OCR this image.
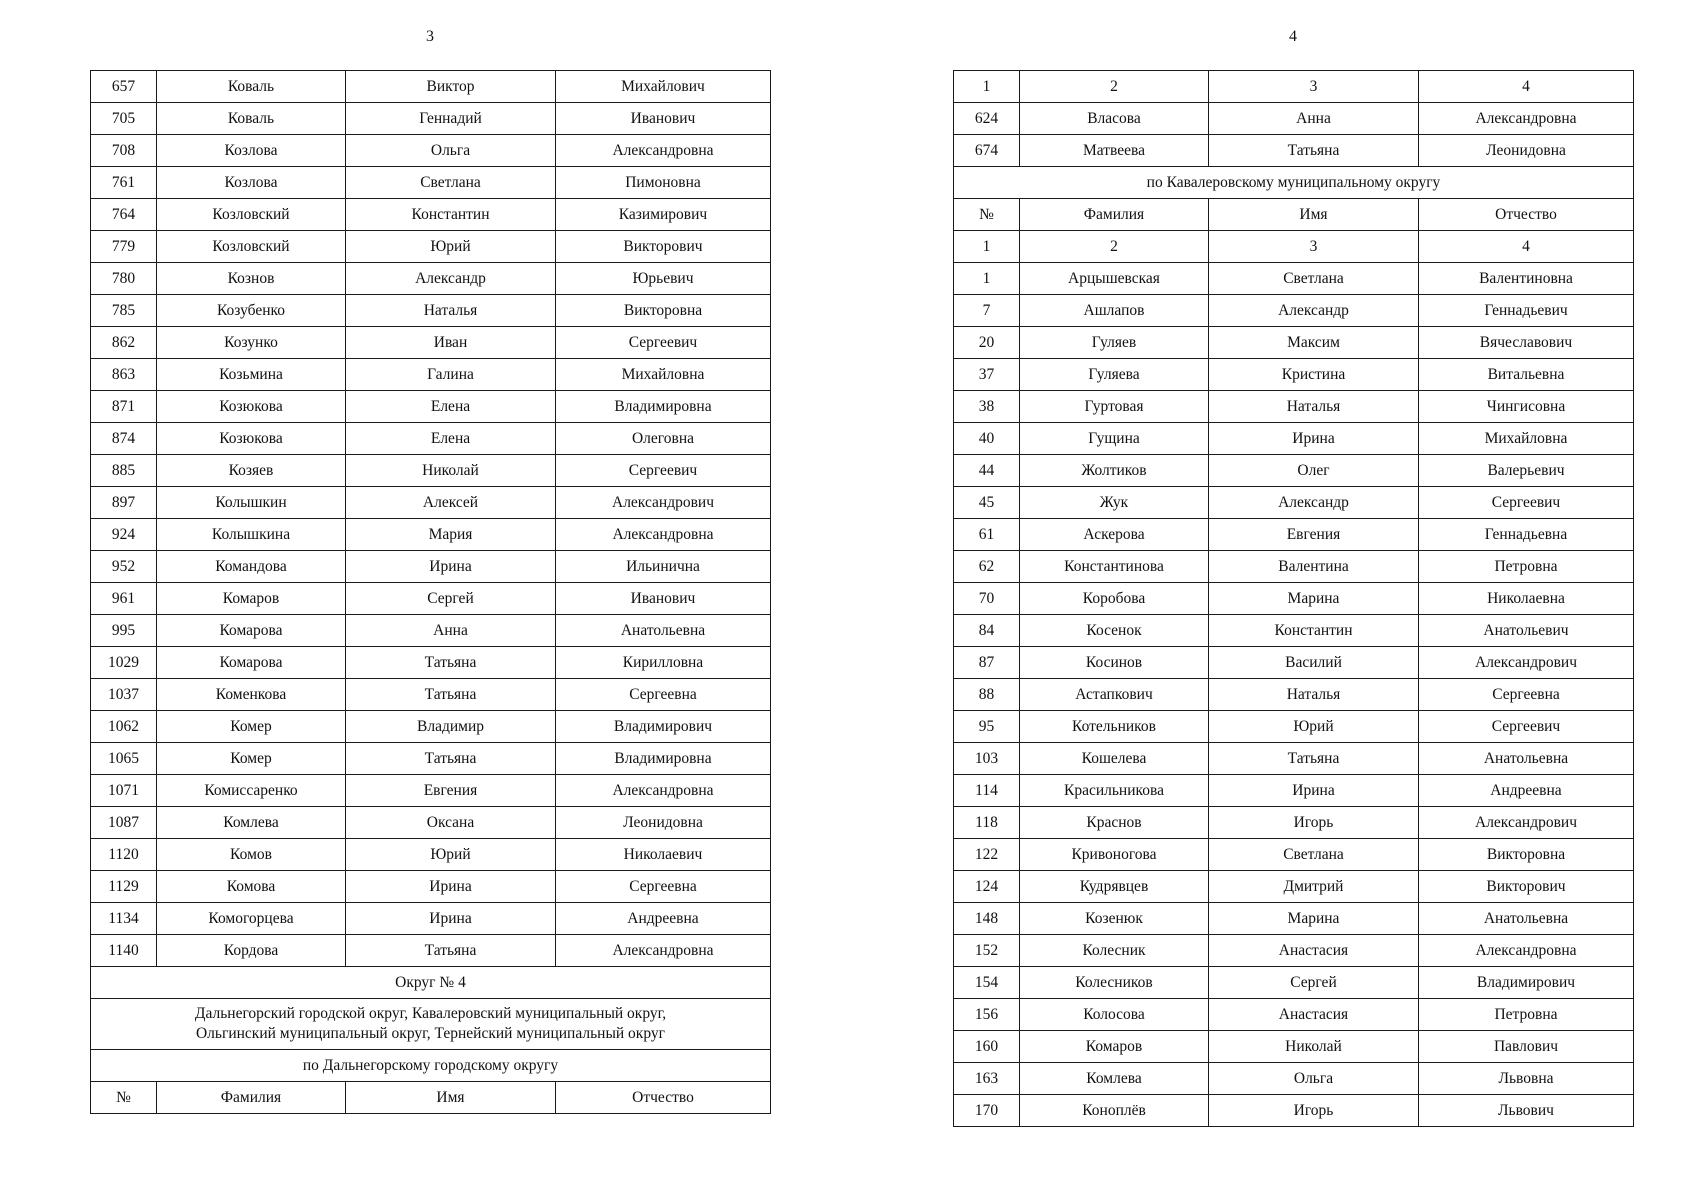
3
657	Коваль	Виктор	Михайлович
705	Коваль	Геннадий	Иванович
708	Козлова	Ольга	Александровна
761	Козлова	Светлана	Пимоновна
764	Козловский	Константин	Казимирович
779	Козловский	Юрий	Викторович
780	Кознов	Александр	Юрьевич
785	Козубенко	Наталья	Викторовна
862	Козунко	Иван	Сергеевич
863	Козьмина	Галина	Михайловна
871	Козюкова	Елена	Владимировна
874	Козюкова	Елена	Олеговна
885	Козяев	Николай	Сергеевич
897	Колышкин	Алексей	Александрович
924	Колышкина	Мария	Александровна
952	Командова	Ирина	Ильинична
961	Комаров	Сергей	Иванович
995	Комарова	Анна	Анатольевна
1029	Комарова	Татьяна	Кирилловна
1037	Коменкова	Татьяна	Сергеевна
1062	Комер	Владимир	Владимирович
1065	Комер	Татьяна	Владимировна
1071	Комиссаренко	Евгения	Александровна
1087	Комлева	Оксана	Леонидовна
1120	Комов	Юрий	Николаевич
1129	Комова	Ирина	Сергеевна
1134	Комогорцева	Ирина	Андреевна
1140	Кордова	Татьяна	Александровна
Округ № 4			
Дальнегорский городской округ, Кавалеровский муниципальный округ,
Ольгинский муниципальный округ, Тернейский муниципальный округ			
по Дальнегорскому городскому округу			
№	Фамилия	Имя	Отчество
4
1	2	3	4
624	Власова	Анна	Александровна
674	Матвеева	Татьяна	Леонидовна
по Кавалеровскому муниципальному округу			
№	Фамилия	Имя	Отчество
1	2	3	4
1	Арцышевская	Светлана	Валентиновна
7	Ашлапов	Александр	Геннадьевич
20	Гуляев	Максим	Вячеславович
37	Гуляева	Кристина	Витальевна
38	Гуртовая	Наталья	Чингисовна
40	Гущина	Ирина	Михайловна
44	Жолтиков	Олег	Валерьевич
45	Жук	Александр	Сергеевич
61	Аскерова	Евгения	Геннадьевна
62	Константинова	Валентина	Петровна
70	Коробова	Марина	Николаевна
84	Косенок	Константин	Анатольевич
87	Косинов	Василий	Александрович
88	Астапкович	Наталья	Сергеевна
95	Котельников	Юрий	Сергеевич
103	Кошелева	Татьяна	Анатольевна
114	Красильникова	Ирина	Андреевна
118	Краснов	Игорь	Александрович
122	Кривоногова	Светлана	Викторовна
124	Кудрявцев	Дмитрий	Викторович
148	Козенюк	Марина	Анатольевна
152	Колесник	Анастасия	Александровна
154	Колесников	Сергей	Владимирович
156	Колосова	Анастасия	Петровна
160	Комаров	Николай	Павлович
163	Комлева	Ольга	Львовна
170	Коноплёв	Игорь	Львович
